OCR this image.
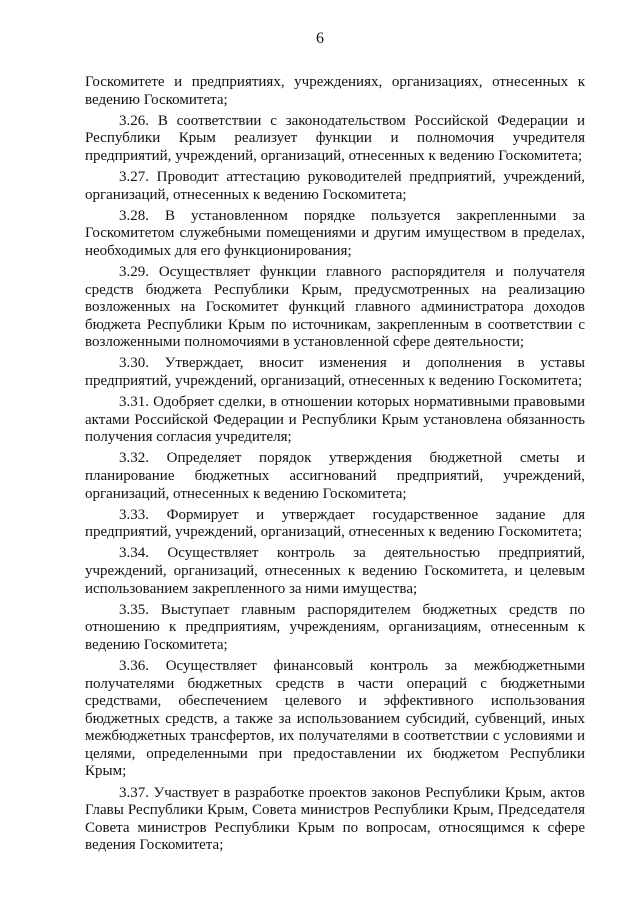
6

Госкомитете и предприятиях, учреждениях, организациях, отнесенных к ведению Госкомитета;

3.26. В соответствии с законодательством Российской Федерации и Республики Крым реализует функции и полномочия учредителя предприятий, учреждений, организаций, отнесенных к ведению Госкомитета;

3.27. Проводит аттестацию руководителей предприятий, учреждений, организаций, отнесенных к ведению Госкомитета;

3.28. В установленном порядке пользуется закрепленными за Госкомитетом служебными помещениями и другим имуществом в пределах, необходимых для его функционирования;

3.29. Осуществляет функции главного распорядителя и получателя средств бюджета Республики Крым, предусмотренных на реализацию возложенных на Госкомитет функций главного администратора доходов бюджета Республики Крым по источникам, закрепленным в соответствии с возложенными полномочиями в установленной сфере деятельности;

3.30. Утверждает, вносит изменения и дополнения в уставы предприятий, учреждений, организаций, отнесенных к ведению Госкомитета;

3.31. Одобряет сделки, в отношении которых нормативными правовыми актами Российской Федерации и Республики Крым установлена обязанность получения согласия учредителя;

3.32. Определяет порядок утверждения бюджетной сметы и планирование бюджетных ассигнований предприятий, учреждений, организаций, отнесенных к ведению Госкомитета;

3.33. Формирует и утверждает государственное задание для предприятий, учреждений, организаций, отнесенных к ведению Госкомитета;

3.34. Осуществляет контроль за деятельностью предприятий, учреждений, организаций, отнесенных к ведению Госкомитета, и целевым использованием закрепленного за ними имущества;

3.35. Выступает главным распорядителем бюджетных средств по отношению к предприятиям, учреждениям, организациям, отнесенным к ведению Госкомитета;

3.36. Осуществляет финансовый контроль за межбюджетными получателями бюджетных средств в части операций с бюджетными средствами, обеспечением целевого и эффективного использования бюджетных средств, а также за использованием субсидий, субвенций, иных межбюджетных трансфертов, их получателями в соответствии с условиями и целями, определенными при предоставлении их бюджетом Республики Крым;

3.37. Участвует в разработке проектов законов Республики Крым, актов Главы Республики Крым, Совета министров Республики Крым, Председателя Совета министров Республики Крым по вопросам, относящимся к сфере ведения Госкомитета;
